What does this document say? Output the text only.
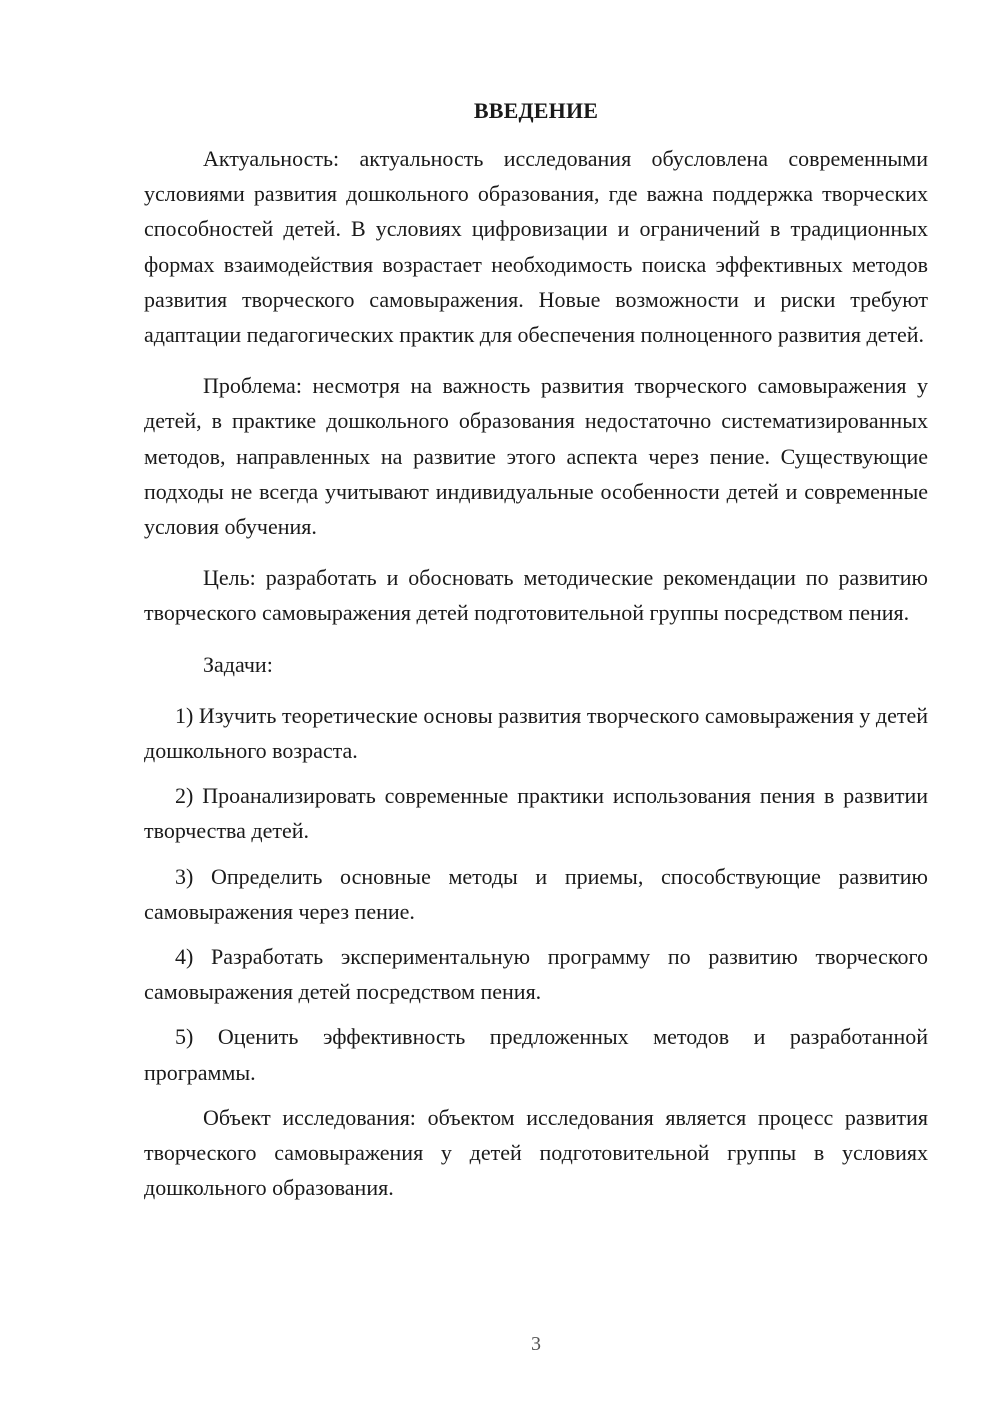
ВВЕДЕНИЕ

Актуальность: актуальность исследования обусловлена современными условиями развития дошкольного образования, где важна поддержка творческих способностей детей. В условиях цифровизации и ограничений в традиционных формах взаимодействия возрастает необходимость поиска эффективных методов развития творческого самовыражения. Новые возможности и риски требуют адаптации педагогических практик для обеспечения полноценного развития детей.

Проблема: несмотря на важность развития творческого самовыражения у детей, в практике дошкольного образования недостаточно систематизированных методов, направленных на развитие этого аспекта через пение. Существующие подходы не всегда учитывают индивидуальные особенности детей и современные условия обучения.

Цель: разработать и обосновать методические рекомендации по развитию творческого самовыражения детей подготовительной группы посредством пения.

Задачи:

1) Изучить теоретические основы развития творческого самовыражения у детей дошкольного возраста.

2) Проанализировать современные практики использования пения в развитии творчества детей.

3) Определить основные методы и приемы, способствующие развитию самовыражения через пение.

4) Разработать экспериментальную программу по развитию творческого самовыражения детей посредством пения.

5) Оценить эффективность предложенных методов и разработанной программы.

Объект исследования: объектом исследования является процесс развития творческого самовыражения у детей подготовительной группы в условиях дошкольного образования.

3
